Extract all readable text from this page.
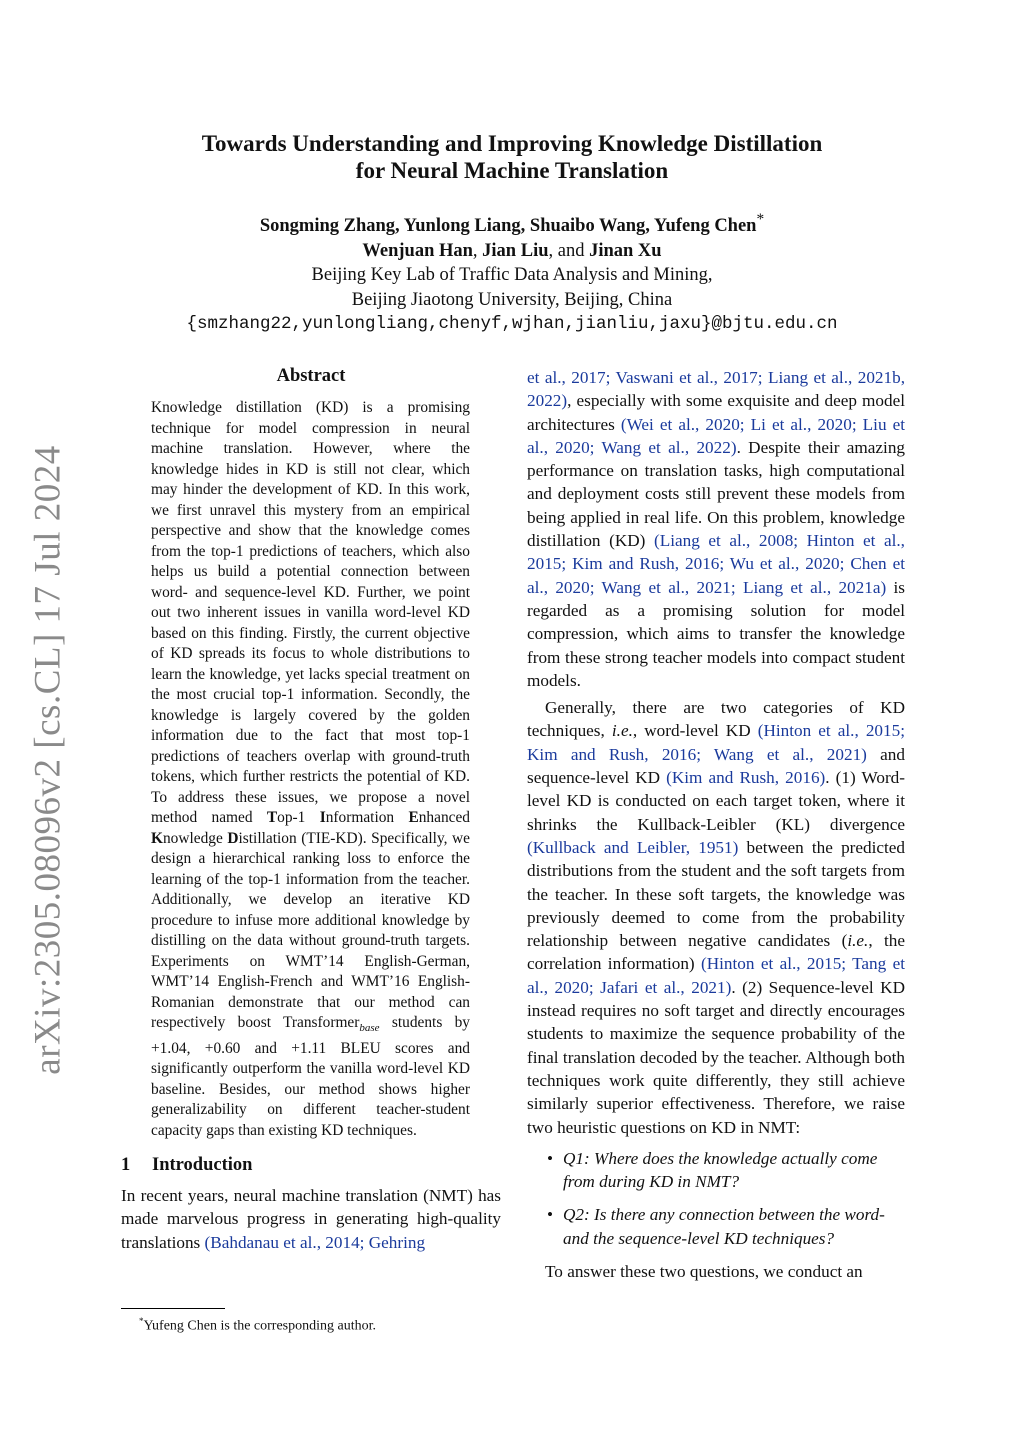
arXiv:2305.08096v2 [cs.CL] 17 Jul 2024
Towards Understanding and Improving Knowledge Distillation
for Neural Machine Translation
Songming Zhang, Yunlong Liang, Shuaibo Wang, Yufeng Chen*
Wenjuan Han, Jian Liu, and Jinan Xu
Beijing Key Lab of Traffic Data Analysis and Mining,
Beijing Jiaotong University, Beijing, China
{smzhang22,yunlongliang,chenyf,wjhan,jianliu,jaxu}@bjtu.edu.cn
Abstract
Knowledge distillation (KD) is a promising technique for model compression in neural machine translation. However, where the knowledge hides in KD is still not clear, which may hinder the development of KD. In this work, we first unravel this mystery from an empirical perspective and show that the knowledge comes from the top-1 predictions of teachers, which also helps us build a potential connection between word- and sequence-level KD. Further, we point out two inherent issues in vanilla word-level KD based on this finding. Firstly, the current objective of KD spreads its focus to whole distributions to learn the knowledge, yet lacks special treatment on the most crucial top-1 information. Secondly, the knowledge is largely covered by the golden information due to the fact that most top-1 predictions of teachers overlap with ground-truth tokens, which further restricts the potential of KD. To address these issues, we propose a novel method named Top-1 Information Enhanced Knowledge Distillation (TIE-KD). Specifically, we design a hierarchical ranking loss to enforce the learning of the top-1 information from the teacher. Additionally, we develop an iterative KD procedure to infuse more additional knowledge by distilling on the data without ground-truth targets. Experiments on WMT’14 English-German, WMT’14 English-French and WMT’16 English-Romanian demonstrate that our method can respectively boost Transformer$_{base}$ students by +1.04, +0.60 and +1.11 BLEU scores and significantly outperform the vanilla word-level KD baseline. Besides, our method shows higher generalizability on different teacher-student capacity gaps than existing KD techniques.
1 Introduction

In recent years, neural machine translation (NMT) has made marvelous progress in generating high-quality translations (Bahdanau et al., 2014; Gehring

et al., 2017; Vaswani et al., 2017; Liang et al., 2021b, 2022), especially with some exquisite and deep model architectures (Wei et al., 2020; Li et al., 2020; Liu et al., 2020; Wang et al., 2022). Despite their amazing performance on translation tasks, high computational and deployment costs still prevent these models from being applied in real life. On this problem, knowledge distillation (KD) (Liang et al., 2008; Hinton et al., 2015; Kim and Rush, 2016; Wu et al., 2020; Chen et al., 2020; Wang et al., 2021; Liang et al., 2021a) is regarded as a promising solution for model compression, which aims to transfer the knowledge from these strong teacher models into compact student models.

Generally, there are two categories of KD techniques, i.e., word-level KD (Hinton et al., 2015; Kim and Rush, 2016; Wang et al., 2021) and sequence-level KD (Kim and Rush, 2016). (1) Word-level KD is conducted on each target token, where it shrinks the Kullback-Leibler (KL) divergence (Kullback and Leibler, 1951) between the predicted distributions from the student and the soft targets from the teacher. In these soft targets, the knowledge was previously deemed to come from the probability relationship between negative candidates (i.e., the correlation information) (Hinton et al., 2015; Tang et al., 2020; Jafari et al., 2021). (2) Sequence-level KD instead requires no soft target and directly encourages students to maximize the sequence probability of the final translation decoded by the teacher. Although both techniques work quite differently, they still achieve similarly superior effectiveness. Therefore, we raise two heuristic questions on KD in NMT:

• Q1: Where does the knowledge actually come from during KD in NMT?
• Q2: Is there any connection between the word- and the sequence-level KD techniques?

To answer these two questions, we conduct an

*Yufeng Chen is the corresponding author.
